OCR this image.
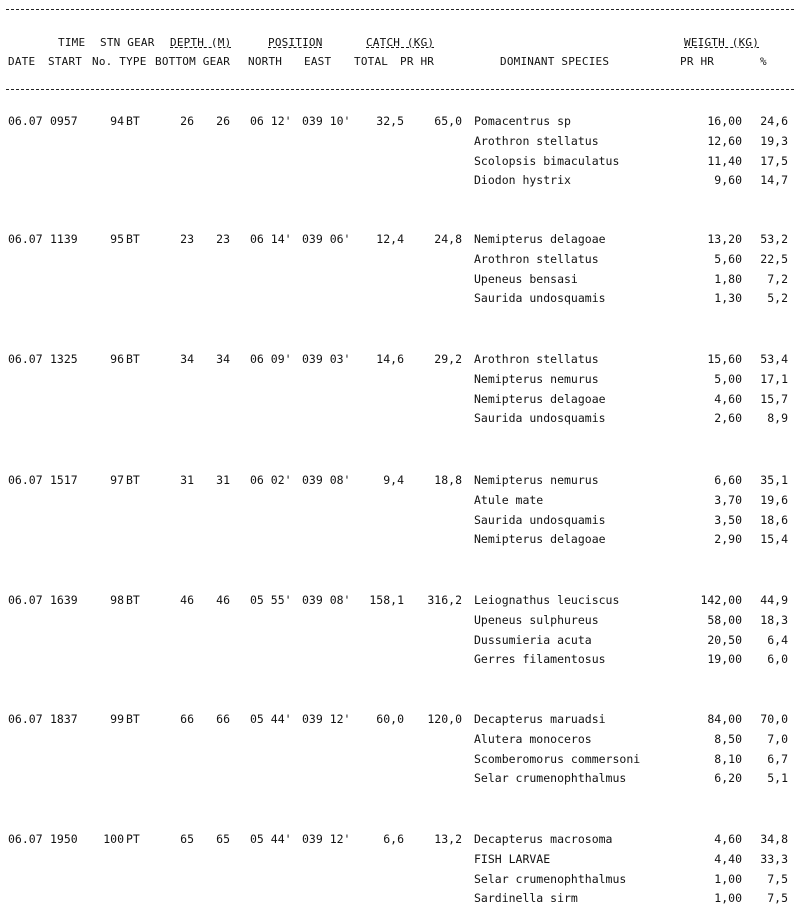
TIME STN GEAR DEPTH (M)	POSITION	CATCH (KG)	WEIGTH (KG)
DATE START No. TYPE BOTTOM GEAR NORTH EAST TOTAL PR HR	DOMINANT SPECIES	PR HR	%
06.07 0957	94 BT	26	26 06 12' 039 10'	32,5	65,0 Pomacentrus sp	16,00	24,6
Arothron stellatus	12,60	19,3
Scolopsis bimaculatus	11,40	17,5
Diodon hystrix	9,60	14,7
06.07 1139	95 BT	23	23 06 14' 039 06'	12,4	24,8 Nemipterus delagoae	13,20	53,2
Arothron stellatus	5,60	22,5
Upeneus bensasi	1,80	7,2
Saurida undosquamis	1,30	5,2
06.07 1325	96 BT	34	34 06 09' 039 03'	14,6	29,2 Arothron stellatus	15,60	53,4
Nemipterus nemurus	5,00	17,1
Nemipterus delagoae	4,60	15,7
Saurida undosquamis	2,60	8,9
06.07 1517	97 BT	31	31 06 02' 039 08'	9,4	18,8 Nemipterus nemurus	6,60	35,1
Atule mate	3,70	19,6
Saurida undosquamis	3,50	18,6
Nemipterus delagoae	2,90	15,4
06.07 1639	98 BT	46	46 05 55' 039 08'	158,1	316,2 Leiognathus leuciscus	142,00	44,9
Upeneus sulphureus	58,00	18,3
Dussumieria acuta	20,50	6,4
Gerres filamentosus	19,00	6,0
06.07 1837	99 BT	66	66 05 44' 039 12'	60,0	120,0 Decapterus maruadsi	84,00	70,0
Alutera monoceros	8,50	7,0
Scomberomorus commersoni	8,10	6,7
Selar crumenophthalmus	6,20	5,1
06.07 1950	100 PT	65	65 05 44' 039 12'	6,6	13,2 Decapterus macrosoma	4,60	34,8
FISH LARVAE	4,40	33,3
Selar crumenophthalmus	1,00	7,5
Sardinella sirm	1,00	7,5
